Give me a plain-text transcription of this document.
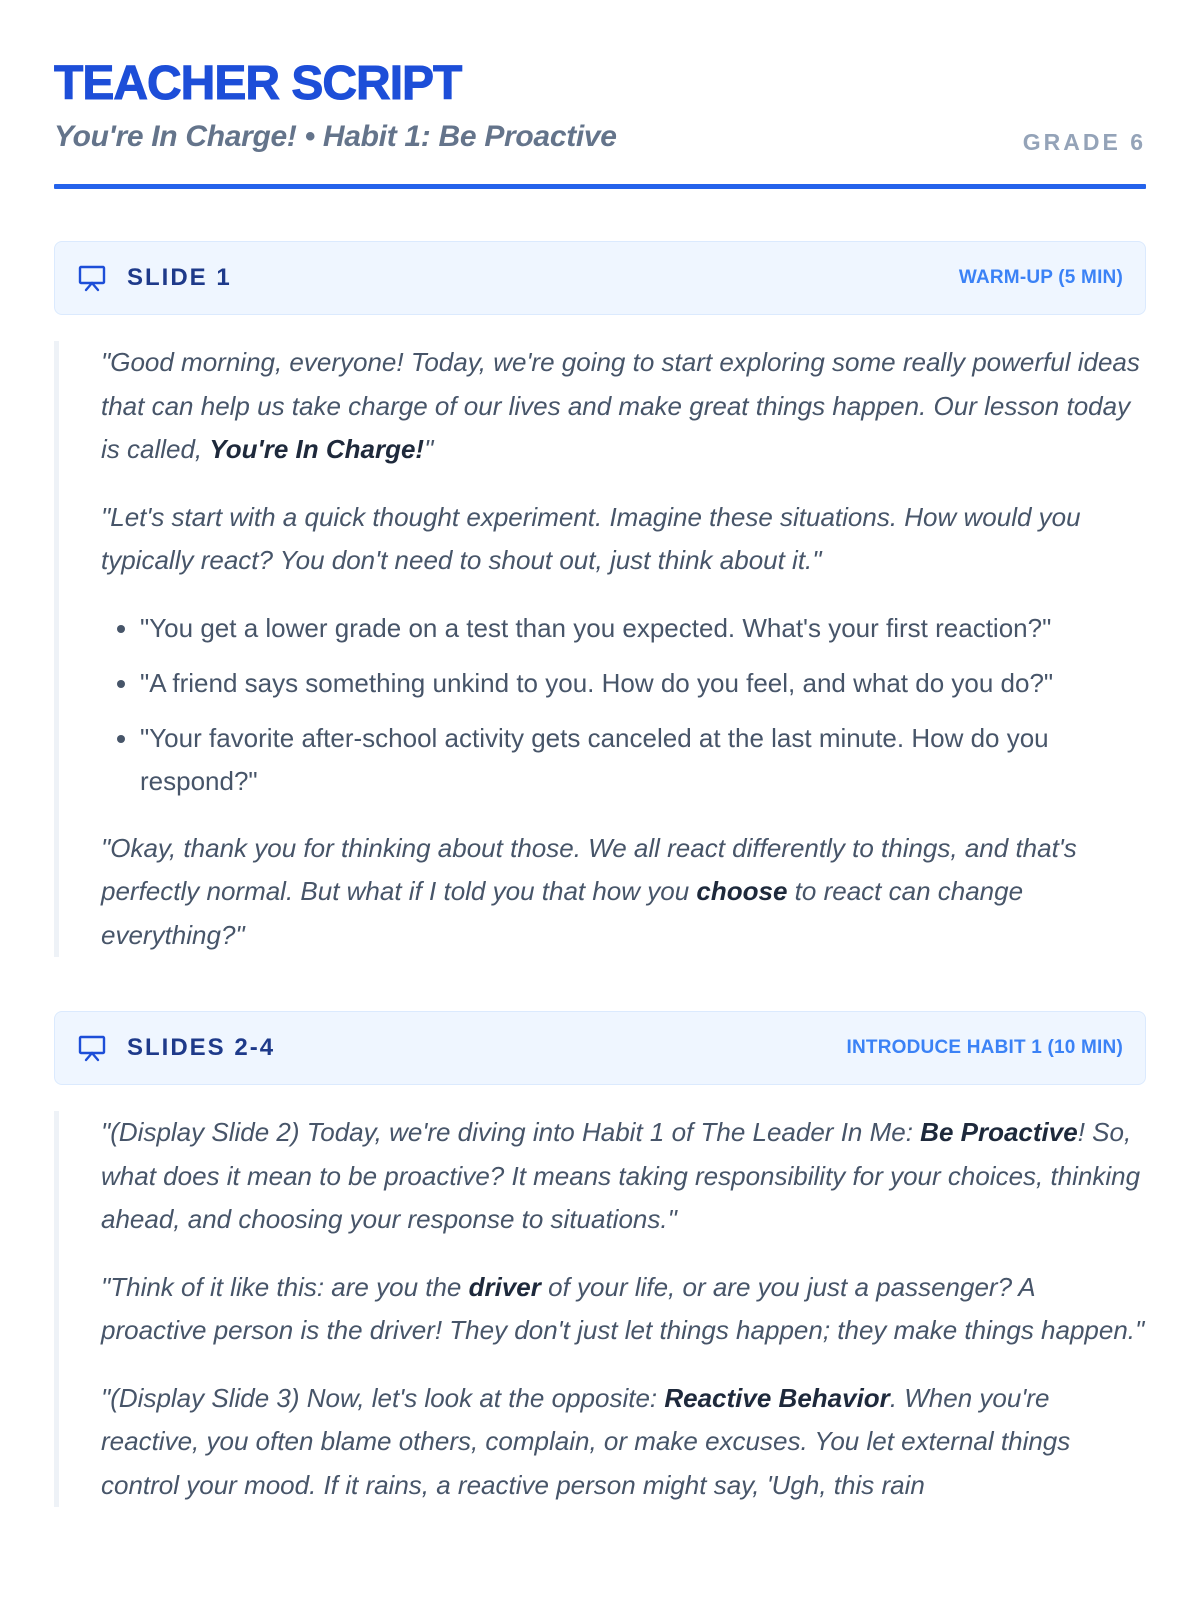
TEACHER SCRIPT
You're In Charge! • Habit 1: Be Proactive	GRADE 6
SLIDE 1	WARM-UP (5 MIN)

"Good morning, everyone! Today, we're going to start exploring some really powerful ideas that can help us take charge of our lives and make great things happen. Our lesson today is called, You're In Charge!"

"Let's start with a quick thought experiment. Imagine these situations. How would you typically react? You don't need to shout out, just think about it."

• "You get a lower grade on a test than you expected. What's your first reaction?"
• "A friend says something unkind to you. How do you feel, and what do you do?"
• "Your favorite after-school activity gets canceled at the last minute. How do you respond?"

"Okay, thank you for thinking about those. We all react differently to things, and that's perfectly normal. But what if I told you that how you choose to react can change everything?"

SLIDES 2-4	INTRODUCE HABIT 1 (10 MIN)

"(Display Slide 2) Today, we're diving into Habit 1 of The Leader In Me: Be Proactive! So, what does it mean to be proactive? It means taking responsibility for your choices, thinking ahead, and choosing your response to situations."

"Think of it like this: are you the driver of your life, or are you just a passenger? A proactive person is the driver! They don't just let things happen; they make things happen."

"(Display Slide 3) Now, let's look at the opposite: Reactive Behavior. When you're reactive, you often blame others, complain, or make excuses. You let external things control your mood. If it rains, a reactive person might say, 'Ugh, this rain
